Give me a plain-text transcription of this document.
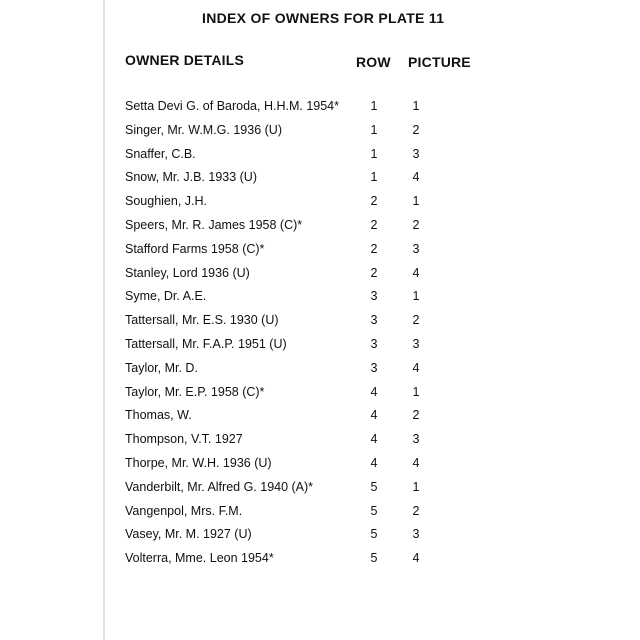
INDEX OF OWNERS FOR PLATE 11
OWNER DETAILS	ROW PICTURE
Setta Devi G. of Baroda, H.H.M. 1954*	1	1
Singer, Mr. W.M.G. 1936 (U)	1	2
Snaffer, C.B.	1	3
Snow, Mr. J.B. 1933 (U)	1	4
Soughien, J.H.	2	1
Speers, Mr. R. James 1958 (C)*	2	2
Stafford Farms 1958 (C)*	2	3
Stanley, Lord 1936 (U)	2	4
Syme, Dr. A.E.	3	1
Tattersall, Mr. E.S. 1930 (U)	3	2
Tattersall, Mr. F.A.P. 1951 (U)	3	3
Taylor, Mr. D.	3	4
Taylor, Mr. E.P. 1958 (C)*	4	1
Thomas, W.	4	2
Thompson, V.T. 1927	4	3
Thorpe, Mr. W.H. 1936 (U)	4	4
Vanderbilt, Mr. Alfred G. 1940 (A)*	5	1
Vangenpol, Mrs. F.M.	5	2
Vasey, Mr. M. 1927 (U)	5	3
Volterra, Mme. Leon 1954*	5	4
